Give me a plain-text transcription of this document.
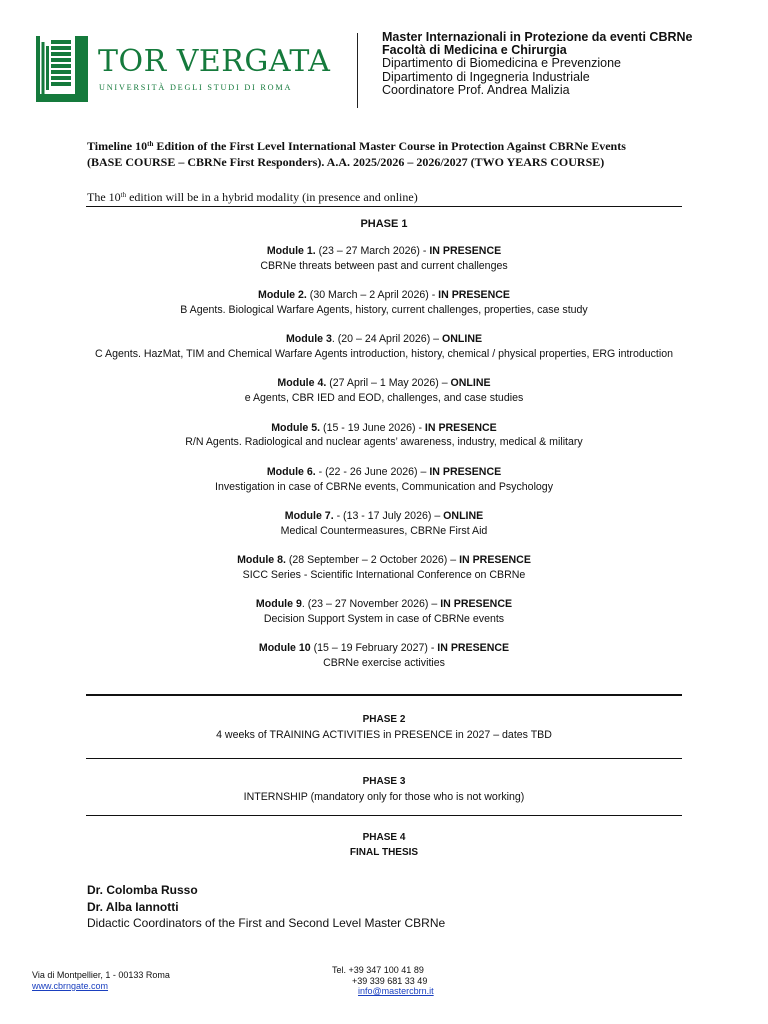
TOR VERGATA
UNIVERSITÀ DEGLI STUDI DI ROMA
Master Internazionali in Protezione da eventi CBRNe
Facoltà di Medicina e Chirurgia
Dipartimento di Biomedicina e Prevenzione
Dipartimento di Ingegneria Industriale
Coordinatore Prof. Andrea Malizia
Timeline 10th Edition of the First Level International Master Course in Protection Against CBRNe Events (BASE COURSE – CBRNe First Responders). A.A. 2025/2026 – 2026/2027 (TWO YEARS COURSE)
The 10th edition will be in a hybrid modality (in presence and online)
PHASE 1
Module 1. (23 – 27 March 2026) - IN PRESENCE
CBRNe threats between past and current challenges
Module 2. (30 March – 2 April 2026) - IN PRESENCE
B Agents. Biological Warfare Agents, history, current challenges, properties, case study
Module 3. (20 – 24 April 2026) – ONLINE
C Agents. HazMat, TIM and Chemical Warfare Agents introduction, history, chemical / physical properties, ERG introduction
Module 4. (27 April – 1 May 2026) – ONLINE
e Agents, CBR IED and EOD, challenges, and case studies
Module 5. (15 - 19 June 2026) - IN PRESENCE
R/N Agents. Radiological and nuclear agents’ awareness, industry, medical & military
Module 6. - (22 - 26 June 2026) – IN PRESENCE
Investigation in case of CBRNe events, Communication and Psychology
Module 7. - (13 - 17 July 2026) – ONLINE
Medical Countermeasures, CBRNe First Aid
Module 8. (28 September – 2 October 2026) – IN PRESENCE
SICC Series - Scientific International Conference on CBRNe
Module 9. (23 – 27 November 2026) – IN PRESENCE
Decision Support System in case of CBRNe events
Module 10 (15 – 19 February 2027) - IN PRESENCE
CBRNe exercise activities
PHASE 2
4 weeks of TRAINING ACTIVITIES in PRESENCE in 2027 – dates TBD
PHASE 3
INTERNSHIP (mandatory only for those who is not working)
PHASE 4
FINAL THESIS
Dr. Colomba Russo
Dr. Alba Iannotti
Didactic Coordinators of the First and Second Level Master CBRNe
Via di Montpellier, 1 - 00133 Roma
www.cbrngate.com
Tel. +39 347 100 41 89
+39 339 681 33 49
info@mastercbrn.it
